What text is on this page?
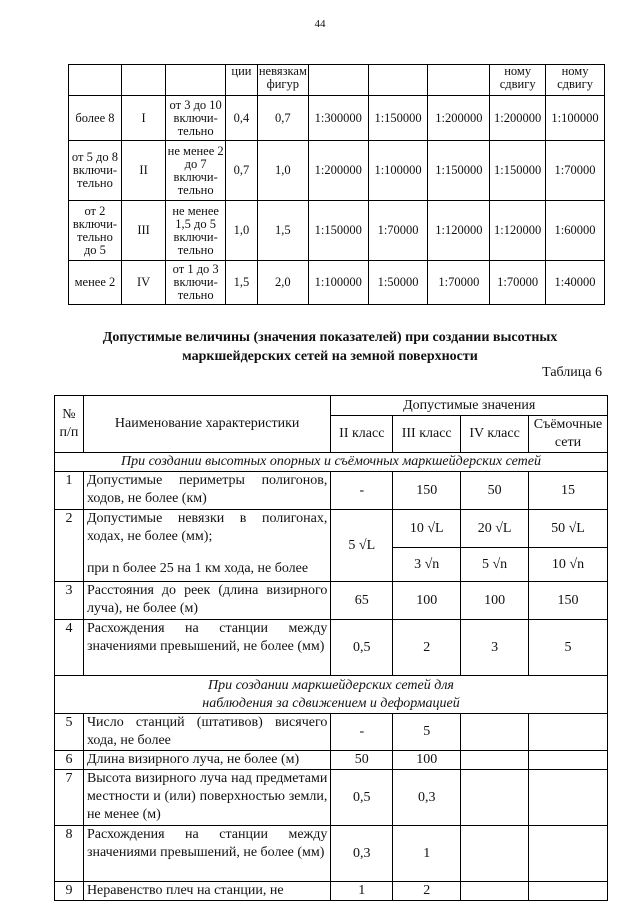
44
			ции	невязкам фигур				ному сдвигу	ному сдвигу
более 8	I	от 3 до 10 включи-тельно	0,4	0,7	1:300000	1:150000	1:200000	1:200000	1:100000
от 5 до 8 включи-тельно	II	не менее 2 до 7 включи-тельно	0,7	1,0	1:200000	1:100000	1:150000	1:150000	1:70000
от 2 включи-тельно до 5	III	не менее 1,5 до 5 включи-тельно	1,0	1,5	1:150000	1:70000	1:120000	1:120000	1:60000
менее 2	IV	от 1 до 3 включи-тельно	1,5	2,0	1:100000	1:50000	1:70000	1:70000	1:40000
Допустимые величины (значения показателей) при создании высотных маркшейдерских сетей на земной поверхности
Таблица 6
№ п/п	Наименование характеристики	Допустимые значения			
		II класс	III класс	IV класс	Съёмочные сети
При создании высотных опорных и съёмочных маркшейдерских сетей					
1	Допустимые периметры полигонов, ходов, не более (км)	-	150	50	15
2	Допустимые невязки в полигонах, ходах, не более (мм);
при n более 25 на 1 км хода, не более	5 √L	10 √L	20 √L	50 √L
			3 √n	5 √n	10 √n
3	Расстояния до реек (длина визирного луча), не более (м)	65	100	100	150
4	Расхождения на станции между значениями превышений, не более (мм)	0,5	2	3	5
При создании маркшейдерских сетей для наблюдения за сдвижением и деформацией					
5	Число станций (штативов) висячего хода, не более	-	5		
6	Длина визирного луча, не более (м)	50	100		
7	Высота визирного луча над предметами местности и (или) поверхностью земли, не менее (м)	0,5	0,3		
8	Расхождения на станции между значениями превышений, не более (мм)	0,3	1		
9	Неравенство плеч на станции, не	1	2		
